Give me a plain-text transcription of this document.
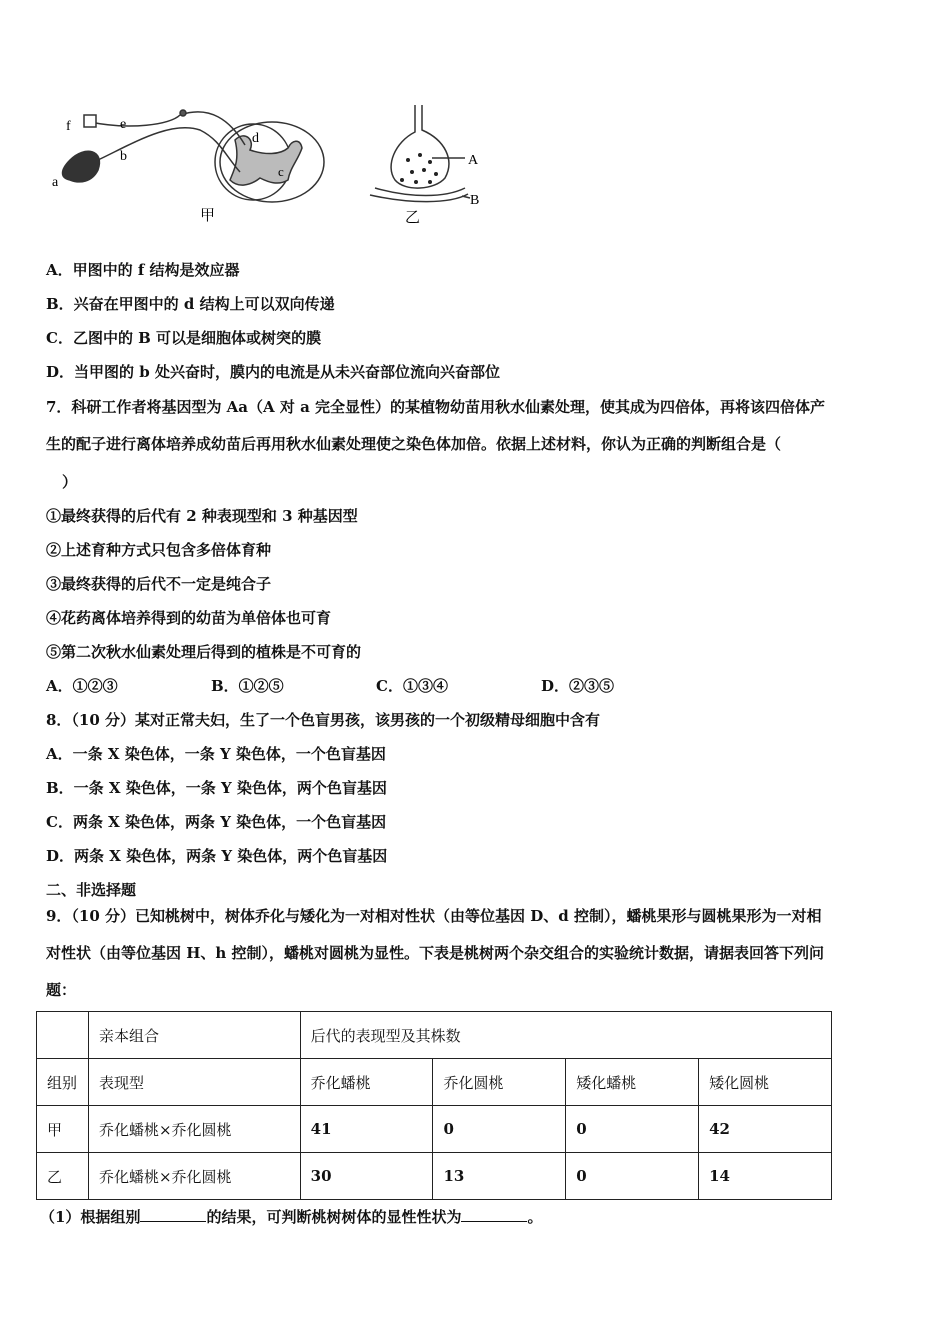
f	e
b
a
d
c
甲
A
B
乙
A．甲图中的 f 结构是效应器
B．兴奋在甲图中的 d 结构上可以双向传递
C．乙图中的 B 可以是细胞体或树突的膜
D．当甲图的 b 处兴奋时，膜内的电流是从未兴奋部位流向兴奋部位
7．科研工作者将基因型为 Aa（A 对 a 完全显性）的某植物幼苗用秋水仙素处理，使其成为四倍体，再将该四倍体产
生的配子进行离体培养成幼苗后再用秋水仙素处理使之染色体加倍。依据上述材料，你认为正确的判断组合是（
）
①最终获得的后代有 2 种表现型和 3 种基因型
②上述育种方式只包含多倍体育种
③最终获得的后代不一定是纯合子
④花药离体培养得到的幼苗为单倍体也可育
⑤第二次秋水仙素处理后得到的植株是不可育的
A．①②③	B．①②⑤	C．①③④	D．②③⑤
8．（10 分）某对正常夫妇，生了一个色盲男孩，该男孩的一个初级精母细胞中含有
A．一条 X 染色体，一条 Y 染色体，一个色盲基因
B．一条 X 染色体，一条 Y 染色体，两个色盲基因
C．两条 X 染色体，两条 Y 染色体，一个色盲基因
D．两条 X 染色体，两条 Y 染色体，两个色盲基因
二、非选择题
9．（10 分）已知桃树中，树体乔化与矮化为一对相对性状（由等位基因 D、d 控制），蟠桃果形与圆桃果形为一对相
对性状（由等位基因 H、h 控制），蟠桃对圆桃为显性。下表是桃树两个杂交组合的实验统计数据，请据表回答下列问
题：
	亲本组合	后代的表现型及其株数			
组别	表现型	乔化蟠桃	乔化圆桃	矮化蟠桃	矮化圆桃
甲	乔化蟠桃×乔化圆桃	41	0	0	42
乙	乔化蟠桃×乔化圆桃	30	13	0	14
（1）根据组别	的结果，可判断桃树树体的显性性状为	。
